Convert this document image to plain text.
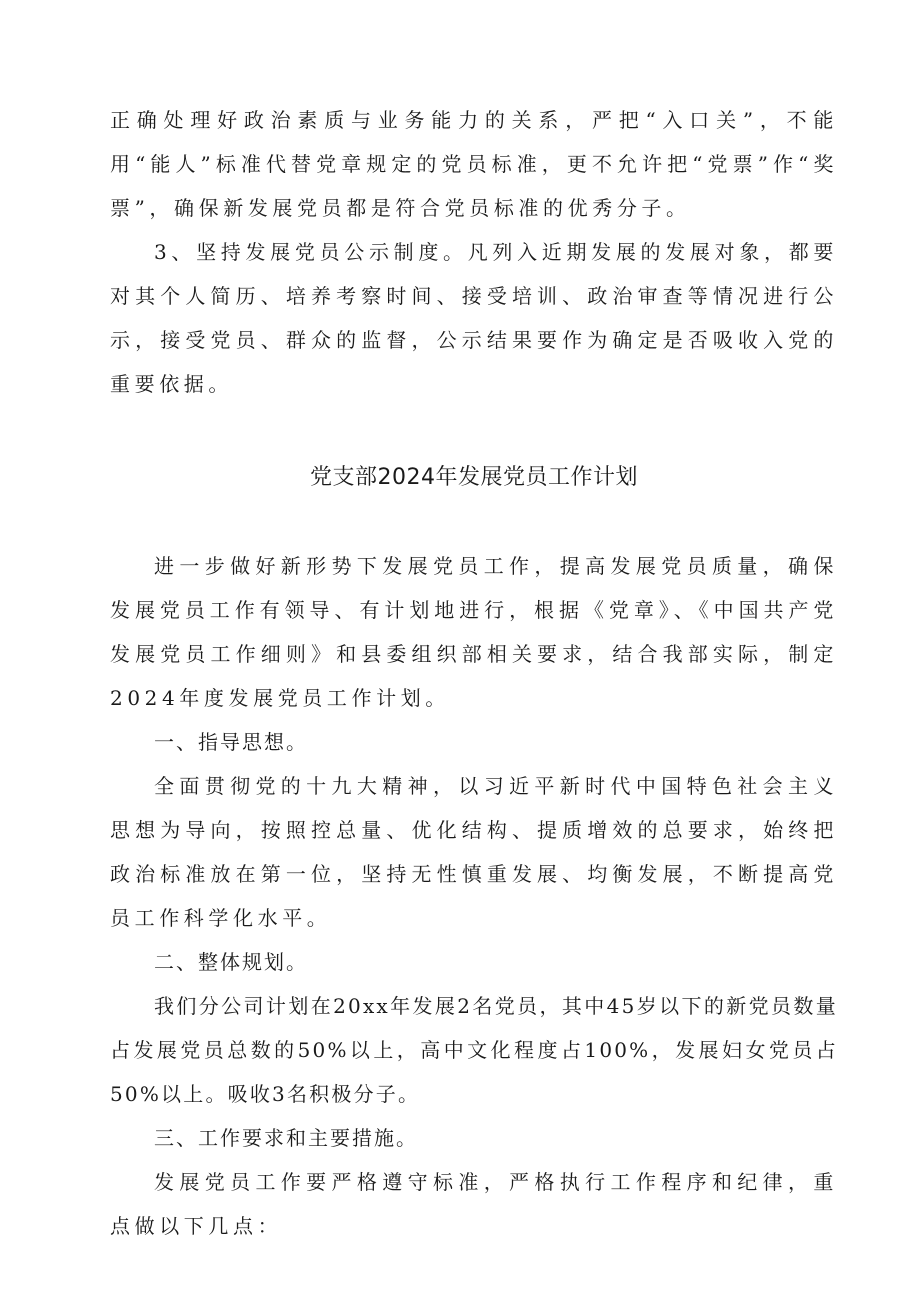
正确处理好政治素质与业务能力的关系，严把“入口关”，不能用“能人”标准代替党章规定的党员标准，更不允许把“党票”作“奖票”，确保新发展党员都是符合党员标准的优秀分子。

3、坚持发展党员公示制度。凡列入近期发展的发展对象，都要对其个人简历、培养考察时间、接受培训、政治审查等情况进行公示，接受党员、群众的监督，公示结果要作为确定是否吸收入党的重要依据。

党支部2024年发展党员工作计划

进一步做好新形势下发展党员工作，提高发展党员质量，确保发展党员工作有领导、有计划地进行，根据《党章》、《中国共产党发展党员工作细则》和县委组织部相关要求，结合我部实际，制定2024年度发展党员工作计划。

一、指导思想。

全面贯彻党的十九大精神，以习近平新时代中国特色社会主义思想为导向，按照控总量、优化结构、提质增效的总要求，始终把政治标准放在第一位，坚持无性慎重发展、均衡发展，不断提高党员工作科学化水平。

二、整体规划。

我们分公司计划在20xx年发展2名党员，其中45岁以下的新党员数量占发展党员总数的50%以上，高中文化程度占100%，发展妇女党员占50%以上。吸收3名积极分子。

三、工作要求和主要措施。

发展党员工作要严格遵守标准，严格执行工作程序和纪律，重点做以下几点：
